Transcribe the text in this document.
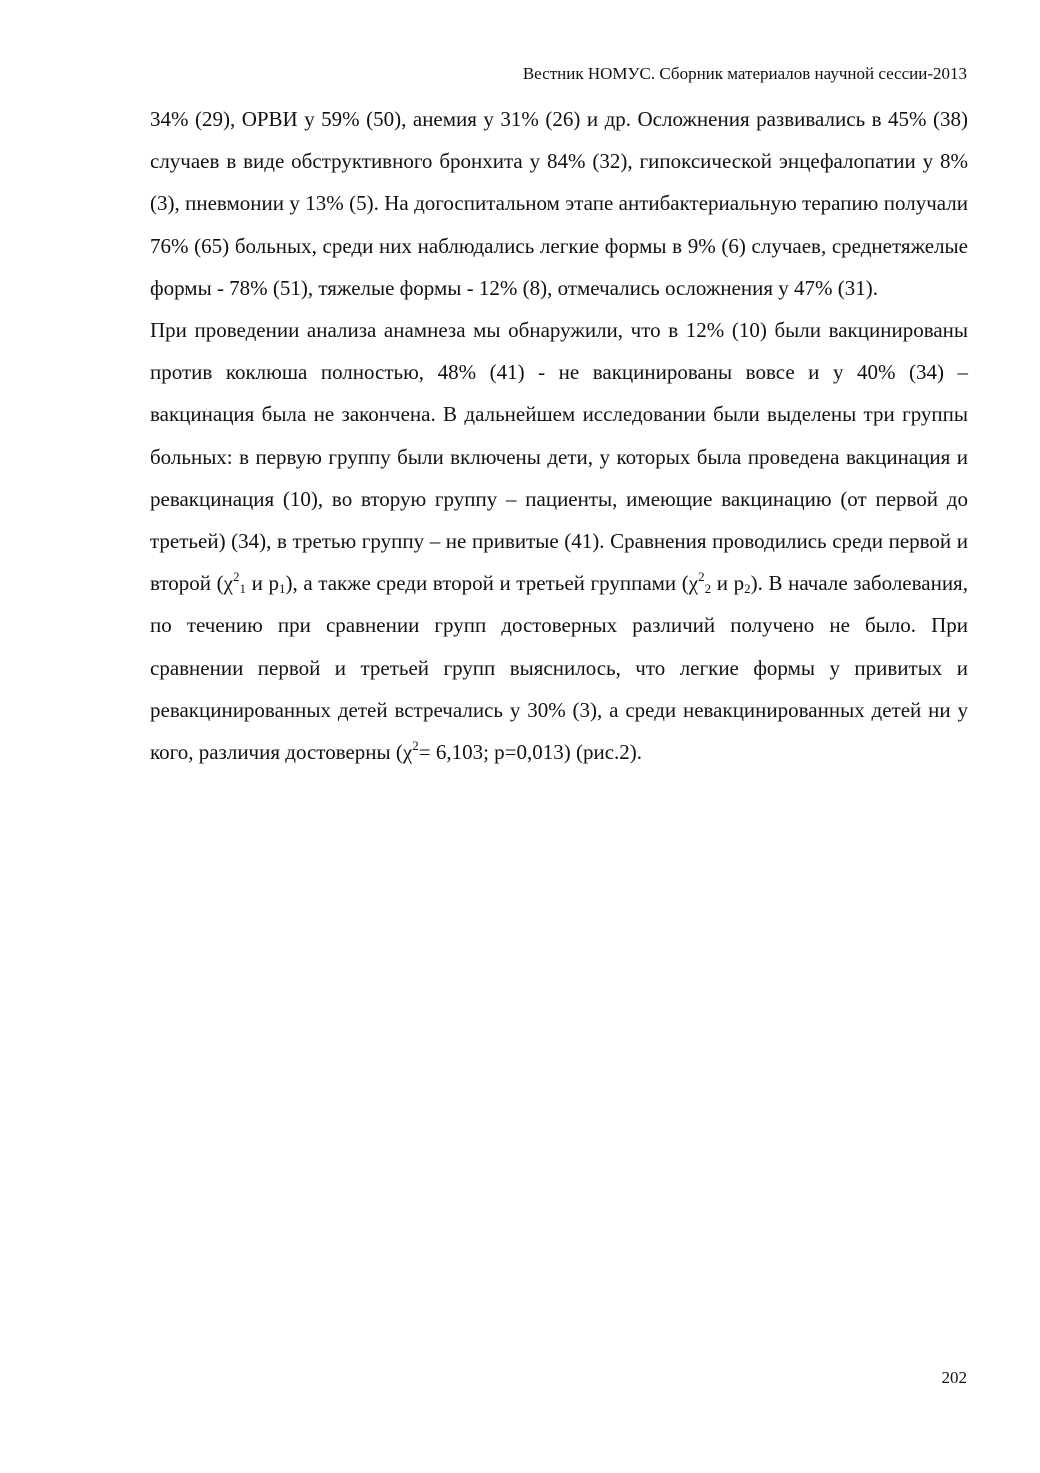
Вестник НОМУС. Сборник материалов научной сессии-2013

34% (29), ОРВИ у 59% (50), анемия у 31% (26) и др. Осложнения развивались в 45% (38) случаев в виде обструктивного бронхита у 84% (32), гипоксической энцефалопатии у 8% (3), пневмонии у 13% (5). На догоспитальном этапе антибактериальную терапию получали 76% (65) больных, среди них наблюдались легкие формы в 9% (6) случаев, среднетяжелые формы - 78% (51), тяжелые формы - 12% (8), отмечались осложнения у 47% (31).

При проведении анализа анамнеза мы обнаружили, что в 12% (10) были вакцинированы против коклюша полностью, 48% (41) - не вакцинированы вовсе и у 40% (34) – вакцинация была не закончена. В дальнейшем исследовании были выделены три группы больных: в первую группу были включены дети, у которых была проведена вакцинация и ревакцинация (10), во вторую группу – пациенты, имеющие вакцинацию (от первой до третьей) (34), в третью группу – не привитые (41). Сравнения проводились среди первой и второй ($\chi^2_1$ и $р_1$), а также среди второй и третьей группами ($\chi^2_2$ и $р_2$). В начале заболевания, по течению при сравнении групп достоверных различий получено не было. При сравнении первой и третьей групп выяснилось, что легкие формы у привитых и ревакцинированных детей встречались у 30% (3), а среди невакцинированных детей ни у кого, различия достоверны ($\chi^2= 6,103$; р=0,013) (рис.2).

202
